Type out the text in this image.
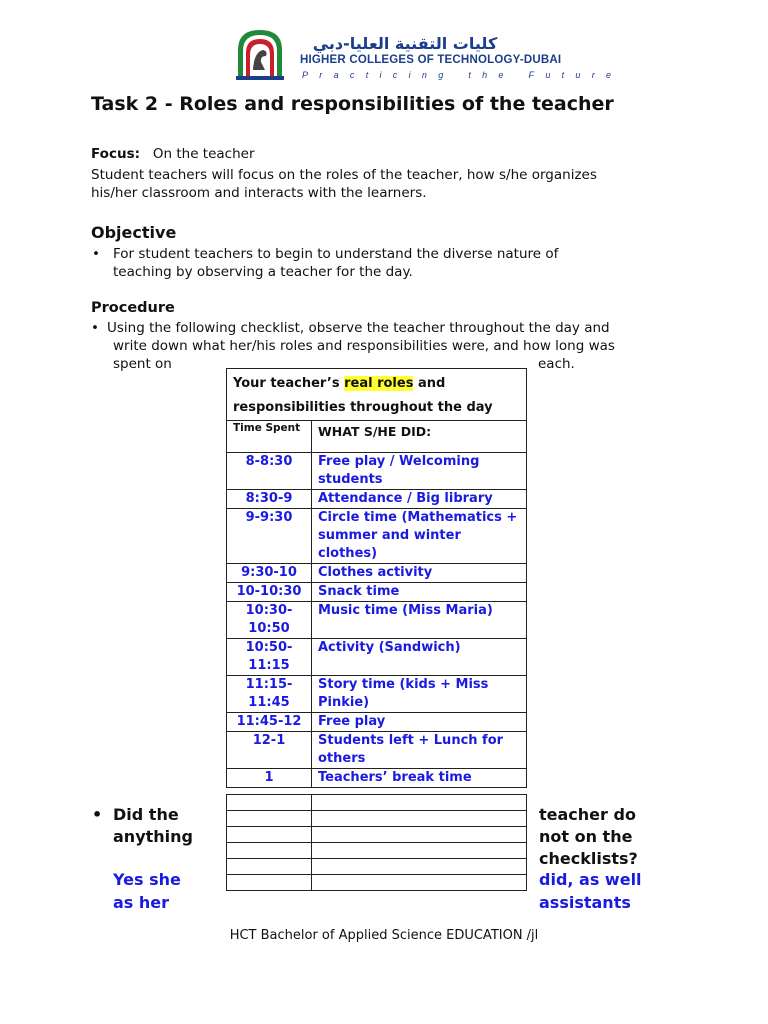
كليات التقنية العليا-دبي
HIGHER COLLEGES OF TECHNOLOGY-DUBAI
Practicing the Future
Task 2 - Roles and responsibilities of the teacher
Focus: On the teacher
Student teachers will focus on the roles of the teacher, how s/he organizes
his/her classroom and interacts with the learners.
Objective
• For student teachers to begin to understand the diverse nature of
teaching by observing a teacher for the day.
Procedure
• Using the following checklist, observe the teacher throughout the day and
write down what her/his roles and responsibilities were, and how long was
spent on	each.
Your teacher’s real roles and responsibilities throughout the day	
Time Spent	WHAT S/HE DID:
8-8:30	Free play / Welcoming students
8:30-9	Attendance / Big library
9-9:30	Circle time (Mathematics + summer and winter clothes)
9:30-10	Clothes activity
10-10:30	Snack time
10:30-10:50	Music time (Miss Maria)
10:50-11:15	Activity (Sandwich)
11:15-11:45	Story time (kids + Miss Pinkie)
11:45-12	Free play
12-1	Students left + Lunch for others
1	Teachers’ break time

• Did the
anything
teacher do
not on the
checklists?
Yes she
as her
did, as well
assistants
HCT Bachelor of Applied Science EDUCATION /jl
